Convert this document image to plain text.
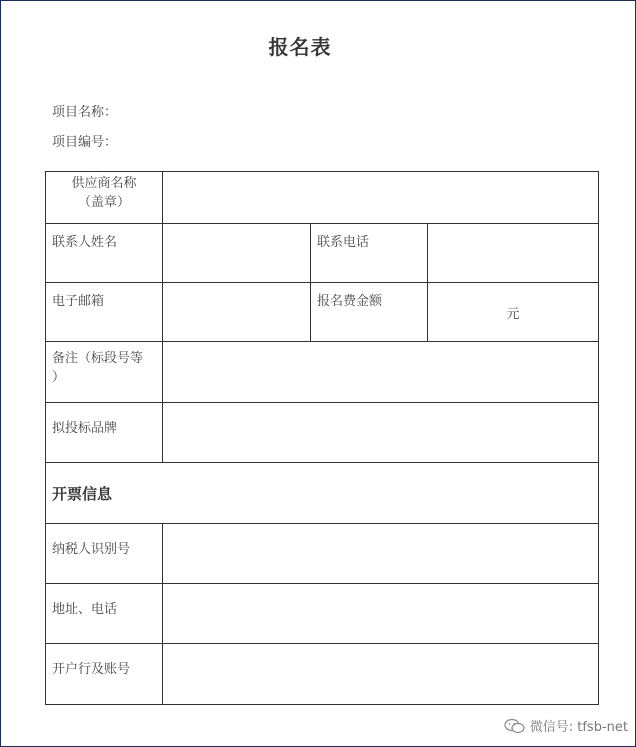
报名表
项目名称：
项目编号：
供应商名称
（盖章）			

联系人姓名		联系电话	
电子邮箱		报名费金额	元

备注（标段号等
）			

拟投标品牌			
开票信息			
纳税人识别号			
地址、电话			
开户行及账号			
微信号: tfsb-net
